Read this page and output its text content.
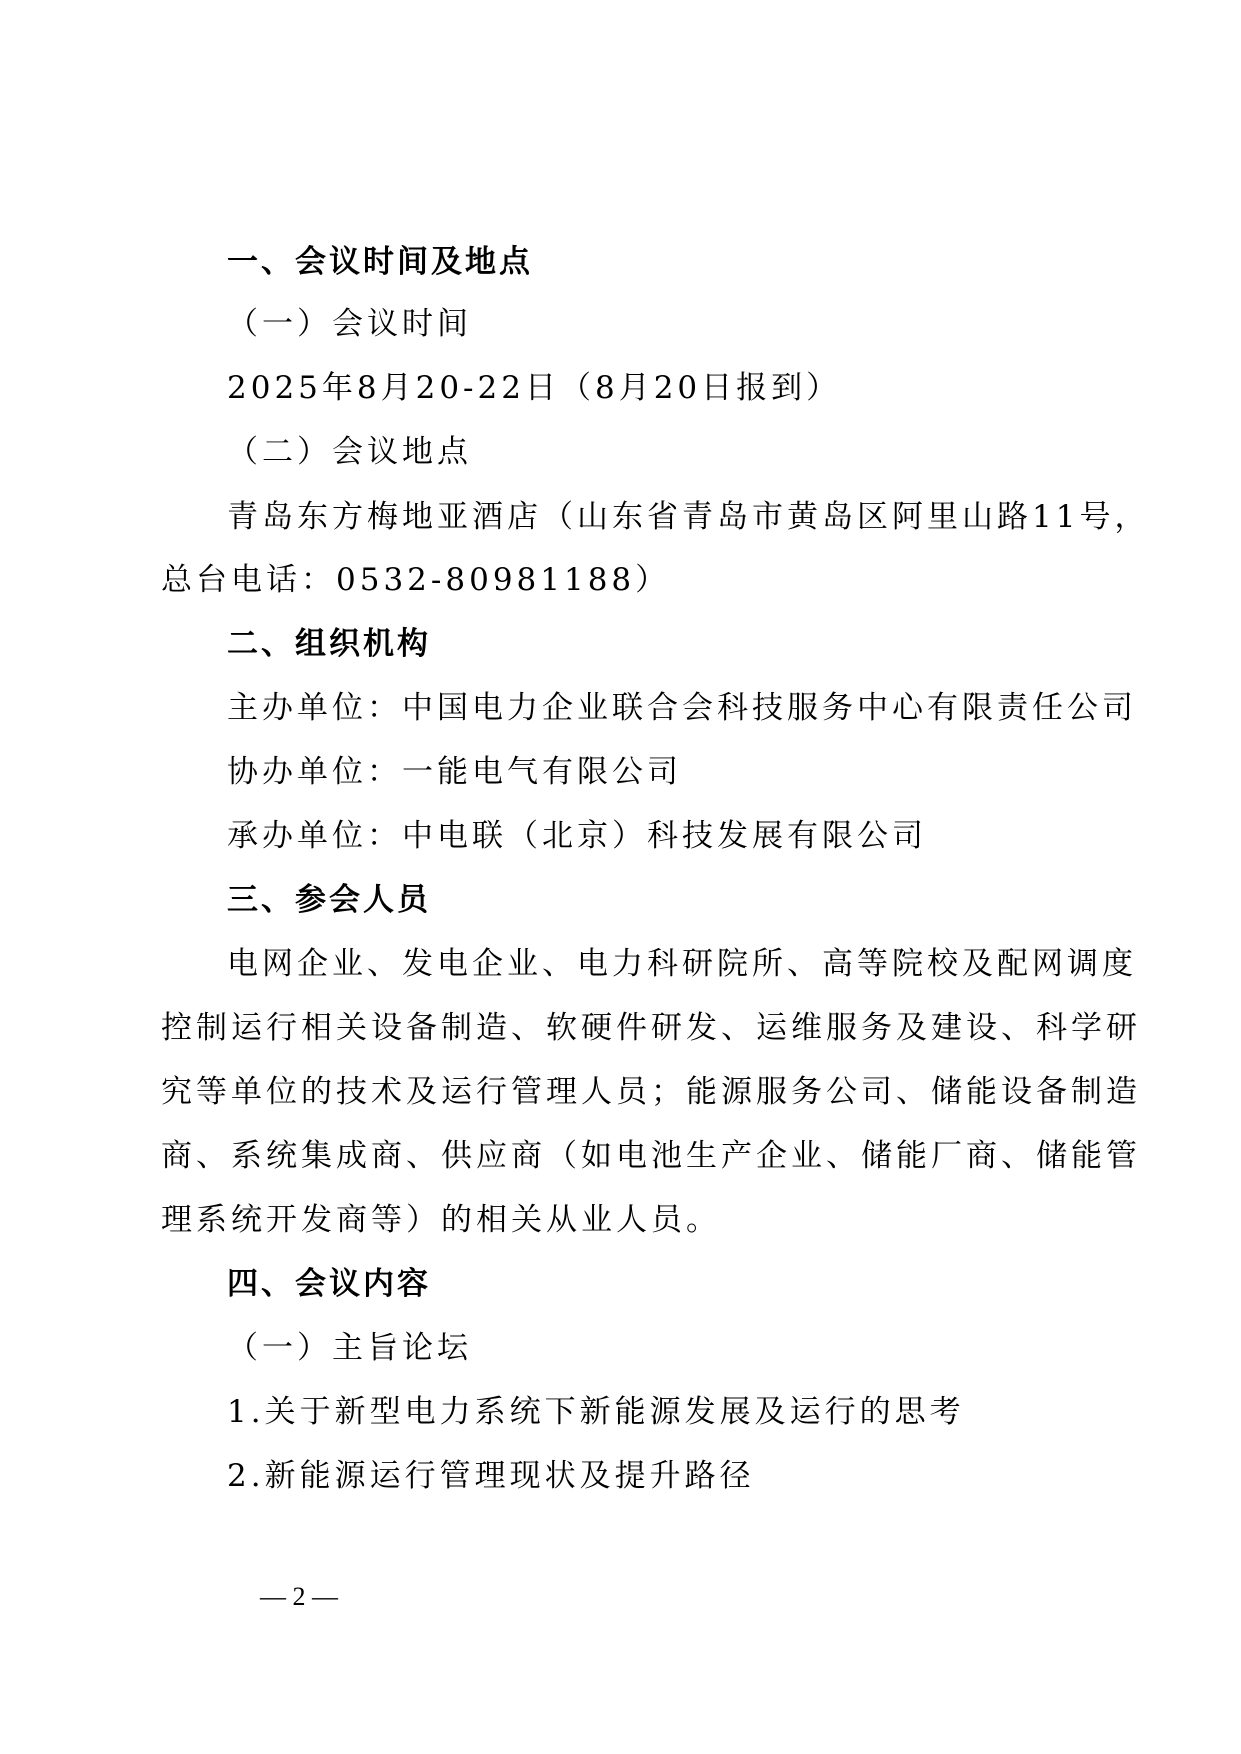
一、会议时间及地点
（一）会议时间
2025年8月20-22日（8月20日报到）
（二）会议地点
青岛东方梅地亚酒店（山东省青岛市黄岛区阿里山路11号，
总台电话：0532-80981188）
二、组织机构
主办单位：中国电力企业联合会科技服务中心有限责任公司
协办单位：一能电气有限公司
承办单位：中电联（北京）科技发展有限公司
三、参会人员
电网企业、发电企业、电力科研院所、高等院校及配网调度
控制运行相关设备制造、软硬件研发、运维服务及建设、科学研
究等单位的技术及运行管理人员；能源服务公司、储能设备制造
商、系统集成商、供应商（如电池生产企业、储能厂商、储能管
理系统开发商等）的相关从业人员。
四、会议内容
（一）主旨论坛
1.关于新型电力系统下新能源发展及运行的思考
2.新能源运行管理现状及提升路径
— 2 —
